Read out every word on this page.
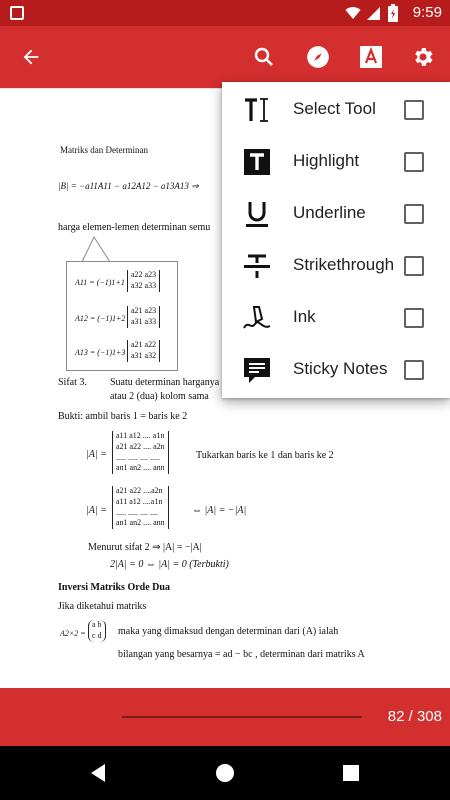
9:59
Matriks dan Determinan
|B| = −a11A11 − a12A12 − a13A13 ⇒
harga elemen-lemen determinan semu
A11 = (−1)1+1
a22 a23
a32 a33
A12 = (−1)1+2
a21 a23
a31 a33
A13 = (−1)1+3
a21 a22
a31 a32
Sifat 3. Suatu determinan harganya
atau 2 (dua) kolom sama
Bukti: ambil baris 1 = baris ke 2
|A| =
a11 a12 .... a1n
a21 a22 .... a2n
..... ..... .... .....
an1 an2 .... ann
Tukarkan baris ke 1 dan baris ke 2
|A| =
a21 a22 ....a2n
a11 a12 ....a1n
..... ..... .... ....
an1 an2 .... ann
⇔ |A| = −|A|
Menurut sifat 2 ⇒ |A| = −|A|
2|A| = 0 ⇔ |A| = 0 (Terbukti)
Inversi Matriks Orde Dua
Jika diketahui matriks
A2×2 =
a b
c d maka yang dimaksud dengan determinan dari (A) ialah
bilangan yang besarnya = ad − bc , determinan dari matriks A
82 / 308
Select Tool
Highlight
Underline
Strikethrough
Ink
Sticky Notes
